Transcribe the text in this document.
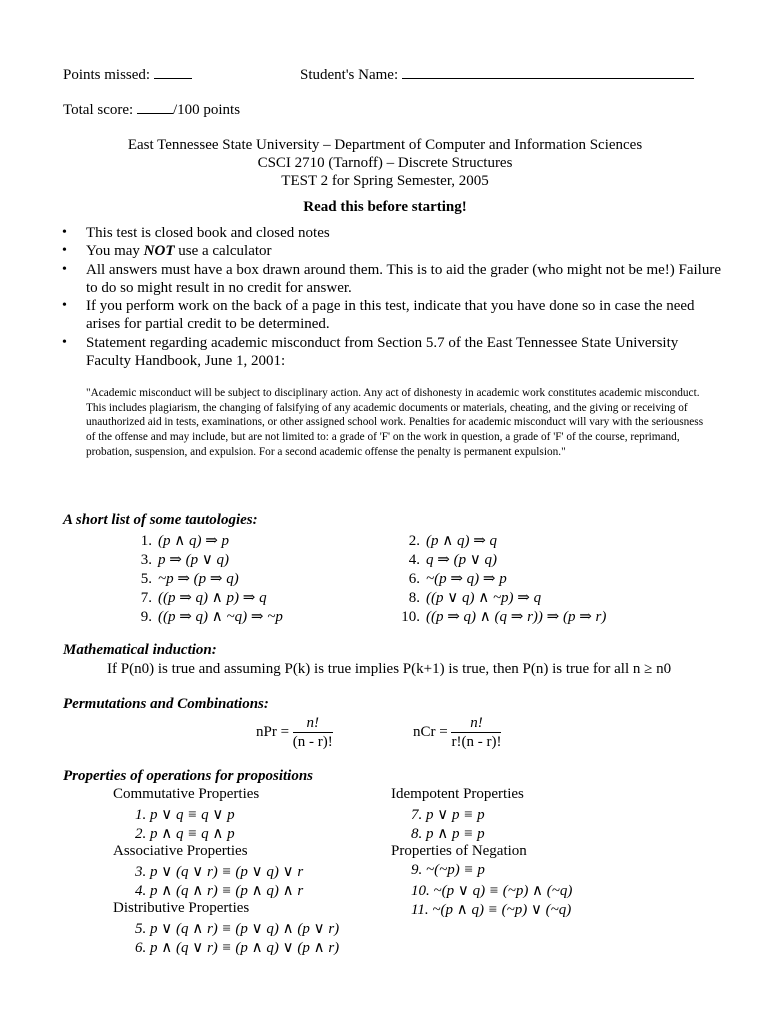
Points missed:	Student's Name:
Total score:	/100 points
East Tennessee State University – Department of Computer and Information Sciences
CSCI 2710 (Tarnoff) – Discrete Structures
TEST 2 for Spring Semester, 2005
Read this before starting!
• This test is closed book and closed notes
• You may NOT use a calculator
• All answers must have a box drawn around them. This is to aid the grader (who might not be me!) Failure to do so might result in no credit for answer.
• If you perform work on the back of a page in this test, indicate that you have done so in case the need arises for partial credit to be determined.
• Statement regarding academic misconduct from Section 5.7 of the East Tennessee State University Faculty Handbook, June 1, 2001:
"Academic misconduct will be subject to disciplinary action. Any act of dishonesty in academic work constitutes academic misconduct. This includes plagiarism, the changing of falsifying of any academic documents or materials, cheating, and the giving or receiving of unauthorized aid in tests, examinations, or other assigned school work. Penalties for academic misconduct will vary with the seriousness of the offense and may include, but are not limited to: a grade of 'F' on the work in question, a grade of 'F' of the course, reprimand, probation, suspension, and expulsion. For a second academic offense the penalty is permanent expulsion."
A short list of some tautologies:
1. (p ∧ q) ⇒ p	2. (p ∧ q) ⇒ q
3. p ⇒ (p ∨ q)	4. q ⇒ (p ∨ q)
5. ~p ⇒ (p ⇒ q)	6. ~(p ⇒ q) ⇒ p
7. ((p ⇒ q) ∧ p) ⇒ q	8. ((p ∨ q) ∧ ~p) ⇒ q
9. ((p ⇒ q) ∧ ~q) ⇒ ~p	10. ((p ⇒ q) ∧ (q ⇒ r)) ⇒ (p ⇒ r)
Mathematical induction:
If P(n0) is true and assuming P(k) is true implies P(k+1) is true, then P(n) is true for all n ≥ n0
Permutations and Combinations:
nPr = $\frac{n!}{(n - r)!}$	nCr = $\frac{n!}{r!(n - r)!}$
Properties of operations for propositions
Commutative Properties
1. p ∨ q ≡ q ∨ p
2. p ∧ q ≡ q ∧ p
Associative Properties
3. p ∨ (q ∨ r) ≡ (p ∨ q) ∨ r
4. p ∧ (q ∧ r) ≡ (p ∧ q) ∧ r
Distributive Properties
5. p ∨ (q ∧ r) ≡ (p ∨ q) ∧ (p ∨ r)
6. p ∧ (q ∨ r) ≡ (p ∧ q) ∨ (p ∧ r)
Idempotent Properties
7. p ∨ p ≡ p
8. p ∧ p ≡ p
Properties of Negation
9. ~(~p) ≡ p
10. ~(p ∨ q) ≡ (~p) ∧ (~q)
11. ~(p ∧ q) ≡ (~p) ∨ (~q)
